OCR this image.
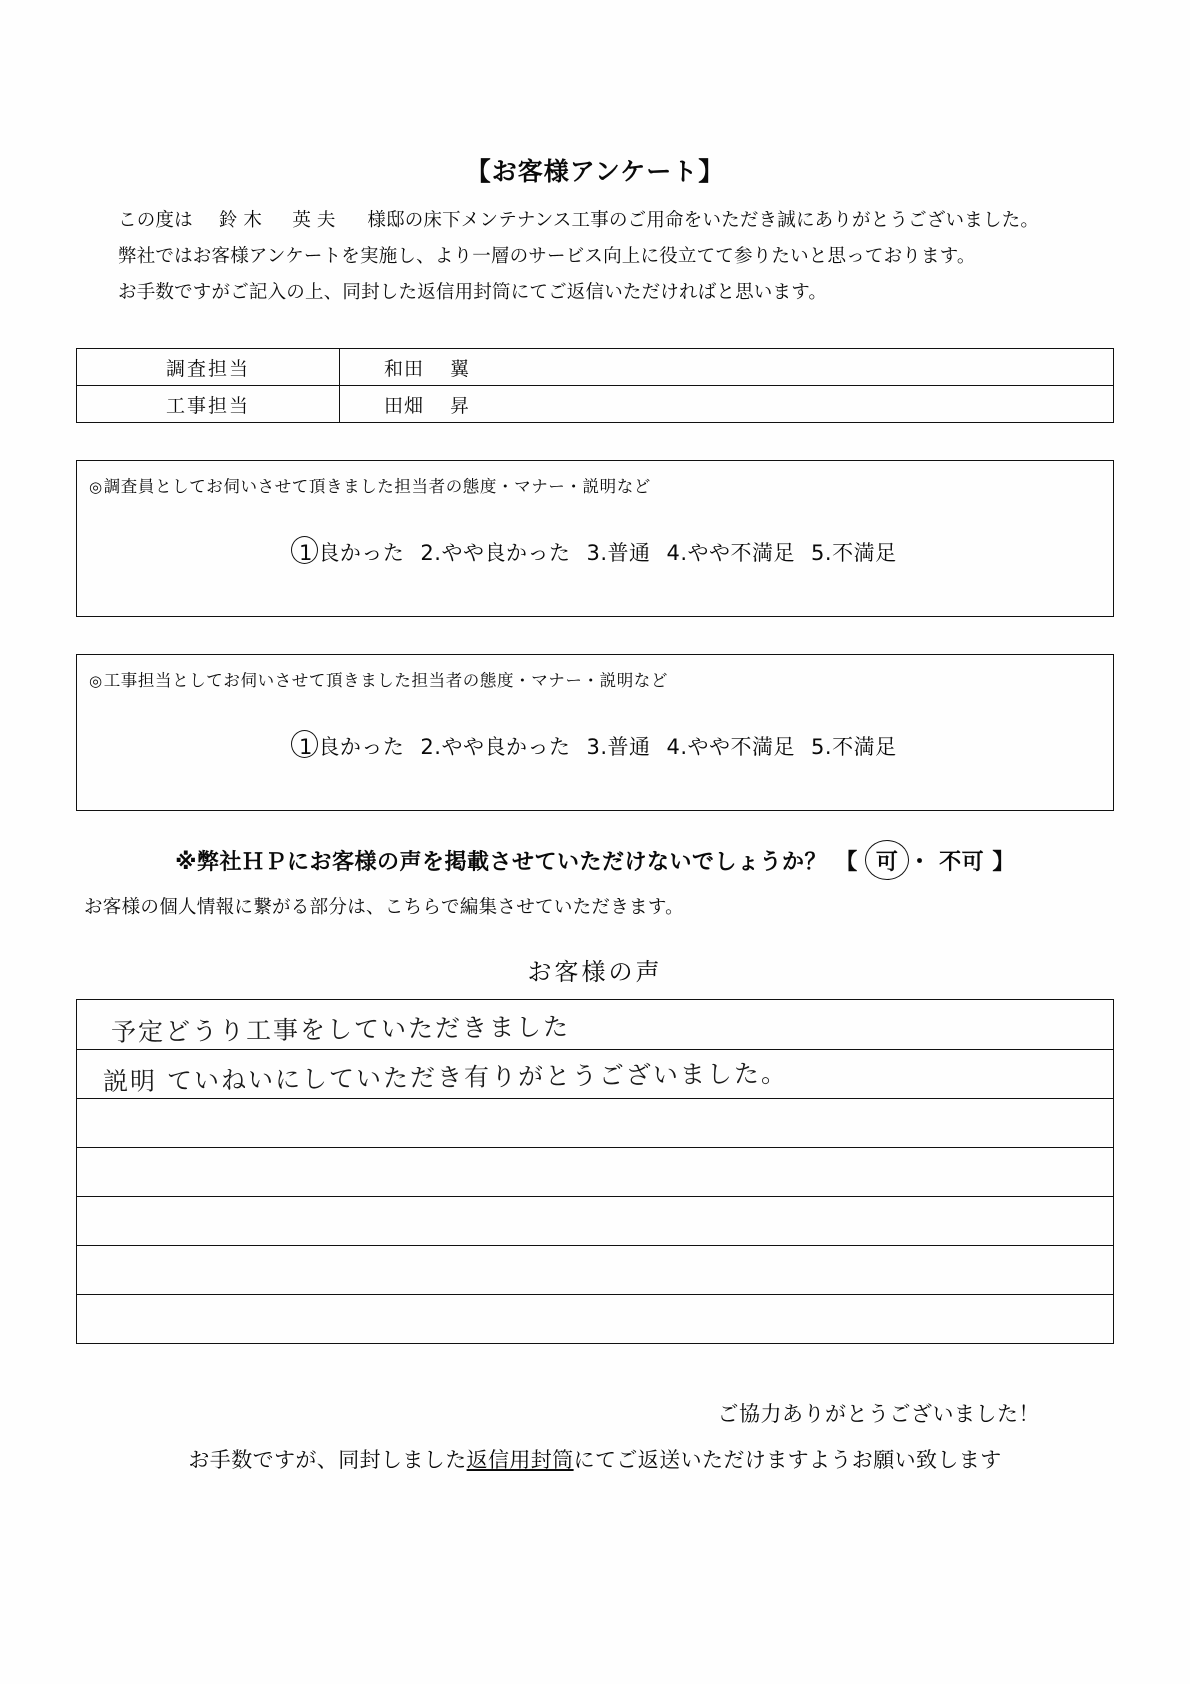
【お客様アンケート】
この度は 鈴木　英夫 様邸の床下メンテナンス工事のご用命をいただき誠にありがとうございました。
弊社ではお客様アンケートを実施し、より一層のサービス向上に役立てて参りたいと思っております。
お手数ですがご記入の上、同封した返信用封筒にてご返信いただければと思います。
調査担当	和田 翼
工事担当	田畑 昇
◎調査員としてお伺いさせて頂きました担当者の態度・マナー・説明など
1 良かった 2.やや良かった 3.普通 4.やや不満足 5.不満足
◎工事担当としてお伺いさせて頂きました担当者の態度・マナー・説明など
1 良かった 2.やや良かった 3.普通 4.やや不満足 5.不満足
※弊社ＨＰにお客様の声を掲載させていただけないでしょうか？ 【 可 ・ 不可 】
お客様の個人情報に繋がる部分は、こちらで編集させていただきます。
お客様の声
予定どうり工事をしていただきました
説明 ていねいにしていただき有りがとうございました。
ご協力ありがとうございました！
お手数ですが、同封しました返信用封筒にてご返送いただけますようお願い致します
